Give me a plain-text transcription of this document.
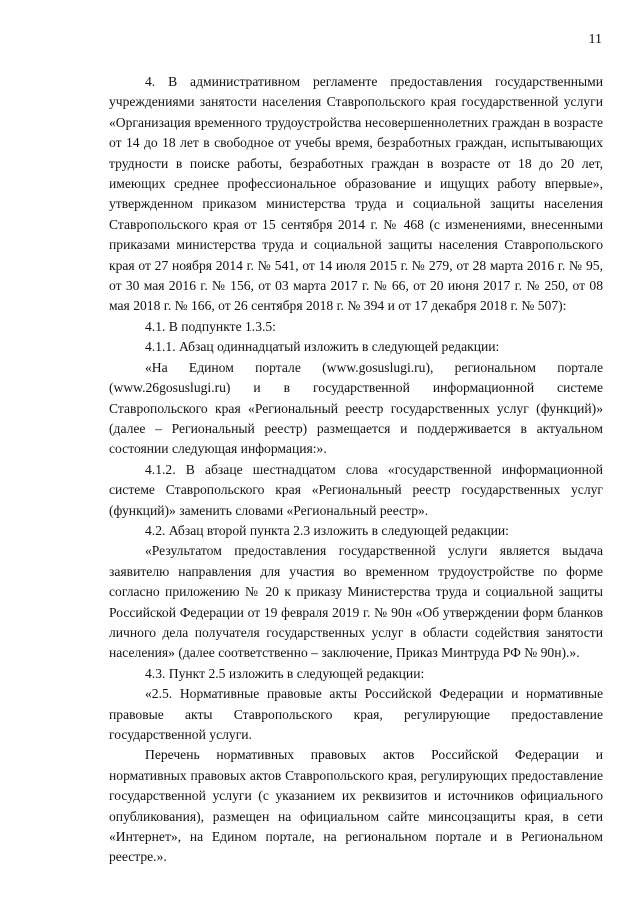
11

4. В административном регламенте предоставления государственными учреждениями занятости населения Ставропольского края государственной услуги «Организация временного трудоустройства несовершеннолетних граждан в возрасте от 14 до 18 лет в свободное от учебы время, безработных граждан, испытывающих трудности в поиске работы, безработных граждан в возрасте от 18 до 20 лет, имеющих среднее профессиональное образование и ищущих работу впервые», утвержденном приказом министерства труда и социальной защиты населения Ставропольского края от 15 сентября 2014 г. № 468 (с изменениями, внесенными приказами министерства труда и социальной защиты населения Ставропольского края от 27 ноября 2014 г. № 541, от 14 июля 2015 г. № 279, от 28 марта 2016 г. № 95, от 30 мая 2016 г. № 156, от 03 марта 2017 г. № 66, от 20 июня 2017 г. № 250, от 08 мая 2018 г. № 166, от 26 сентября 2018 г. № 394 и от 17 декабря 2018 г. № 507):

4.1. В подпункте 1.3.5:

4.1.1. Абзац одиннадцатый изложить в следующей редакции:

«На Едином портале (www.gosuslugi.ru), региональном портале (www.26gosuslugi.ru) и в государственной информационной системе Ставропольского края «Региональный реестр государственных услуг (функций)» (далее – Региональный реестр) размещается и поддерживается в актуальном состоянии следующая информация:».

4.1.2. В абзаце шестнадцатом слова «государственной информационной системе Ставропольского края «Региональный реестр государственных услуг (функций)» заменить словами «Региональный реестр».

4.2. Абзац второй пункта 2.3 изложить в следующей редакции:

«Результатом предоставления государственной услуги является выдача заявителю направления для участия во временном трудоустройстве по форме согласно приложению № 20 к приказу Министерства труда и социальной защиты Российской Федерации от 19 февраля 2019 г. № 90н «Об утверждении форм бланков личного дела получателя государственных услуг в области содействия занятости населения» (далее соответственно – заключение, Приказ Минтруда РФ № 90н).».

4.3. Пункт 2.5 изложить в следующей редакции:

«2.5. Нормативные правовые акты Российской Федерации и нормативные правовые акты Ставропольского края, регулирующие предоставление государственной услуги.

Перечень нормативных правовых актов Российской Федерации и нормативных правовых актов Ставропольского края, регулирующих предоставление государственной услуги (с указанием их реквизитов и источников официального опубликования), размещен на официальном сайте минсоцзащиты края, в сети «Интернет», на Едином портале, на региональном портале и в Региональном реестре.».
